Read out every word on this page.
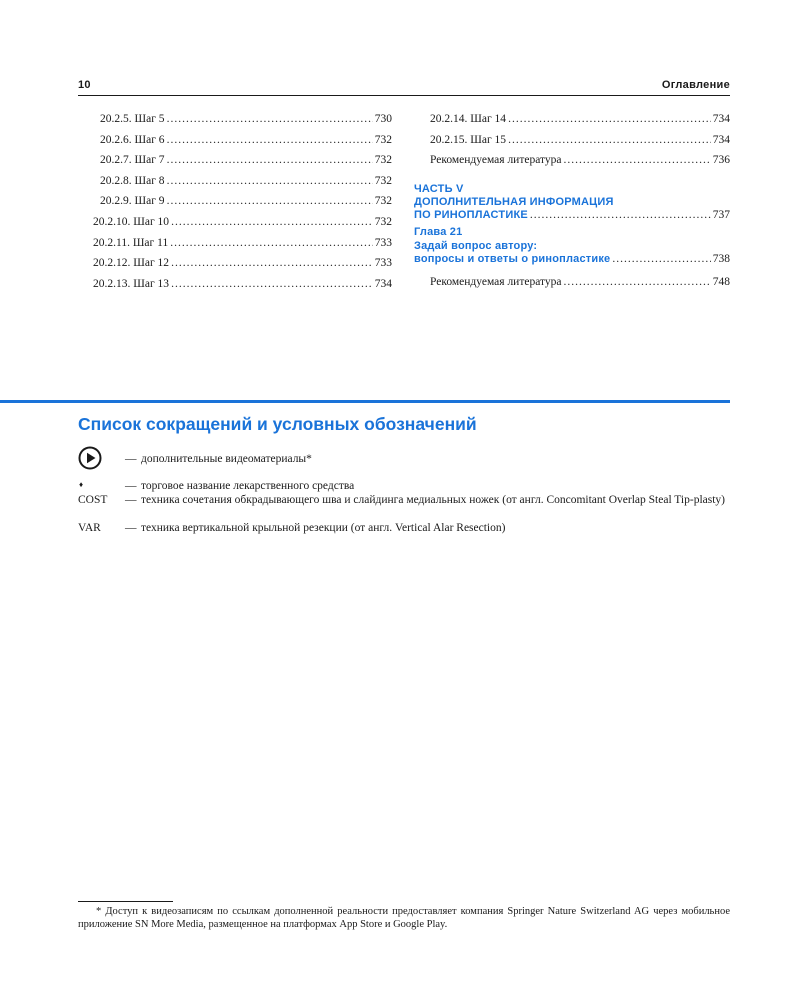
10	Оглавление
20.2.5. Шаг 5 .....	730
20.2.6. Шаг 6 .....	732
20.2.7. Шаг 7 .....	732
20.2.8. Шаг 8 .....	732
20.2.9. Шаг 9 .....	732
20.2.10. Шаг 10 .....	732
20.2.11. Шаг 11 .....	733
20.2.12. Шаг 12 .....	733
20.2.13. Шаг 13 .....	734
20.2.14. Шаг 14 .....	734
20.2.15. Шаг 15 .....	734
Рекомендуемая литература .....	736
ЧАСТЬ V
ДОПОЛНИТЕЛЬНАЯ ИНФОРМАЦИЯ
ПО РИНОПЛАСТИКЕ .....	737
Глава 21
Задай вопрос автору:
вопросы и ответы о ринопластике .....	738
Рекомендуемая литература .....	748
Список сокращений и условных обозначений
— дополнительные видеоматериалы*
♦	— торговое название лекарственного средства
COST	— техника сочетания обкрадывающего шва и слайдинга медиальных ножек (от англ. Concomitant Overlap Steal Tip-plasty)
VAR	— техника вертикальной крыльной резекции (от англ. Vertical Alar Resection)
* Доступ к видеозаписям по ссылкам дополненной реальности предоставляет компания Springer Nature Switzerland AG через мобильное приложение SN More Media, размещенное на платформах App Store и Google Play.
